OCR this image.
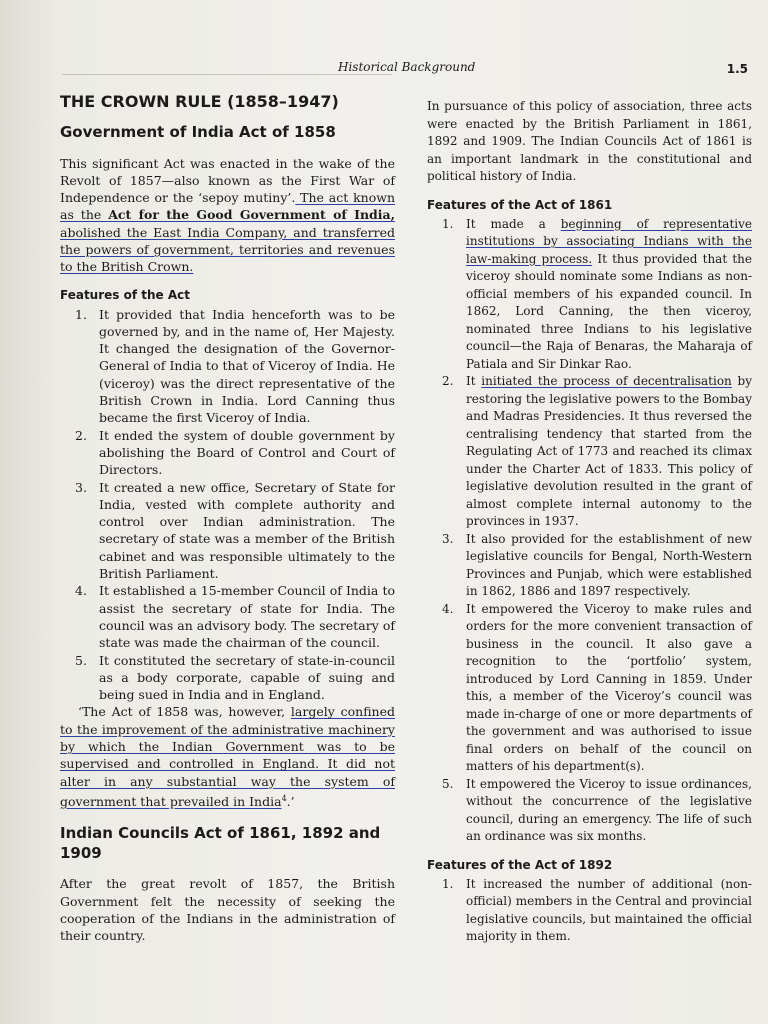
Historical Background	1.5
THE CROWN RULE (1858–1947)
Government of India Act of 1858

This significant Act was enacted in the wake of the Revolt of 1857—also known as the First War of Independence or the ‘sepoy mutiny’. The act known as the Act for the Good Government of India, abolished the East India Company, and transferred the powers of government, territories and revenues to the British Crown.

Features of the Act
1. It provided that India henceforth was to be governed by, and in the name of, Her Majesty. It changed the designation of the Governor-General of India to that of Viceroy of India. He (viceroy) was the direct representative of the British Crown in India. Lord Canning thus became the first Viceroy of India.
2. It ended the system of double government by abolishing the Board of Control and Court of Directors.
3. It created a new office, Secretary of State for India, vested with complete authority and control over Indian administration. The secretary of state was a member of the British cabinet and was responsible ultimately to the British Parliament.
4. It established a 15-member Council of India to assist the secretary of state for India. The council was an advisory body. The secretary of state was made the chairman of the council.
5. It constituted the secretary of state-in-council as a body corporate, capable of suing and being sued in India and in England.

‘The Act of 1858 was, however, largely confined to the improvement of the administrative machinery by which the Indian Government was to be supervised and controlled in England. It did not alter in any substantial way the system of government that prevailed in India$^4$.’

Indian Councils Act of 1861, 1892 and 1909

After the great revolt of 1857, the British Government felt the necessity of seeking the cooperation of the Indians in the administration of their country.

In pursuance of this policy of association, three acts were enacted by the British Parliament in 1861, 1892 and 1909. The Indian Councils Act of 1861 is an important landmark in the constitutional and political history of India.

Features of the Act of 1861
1. It made a beginning of representative institutions by associating Indians with the law-making process. It thus provided that the viceroy should nominate some Indians as non-official members of his expanded council. In 1862, Lord Canning, the then viceroy, nominated three Indians to his legislative council—the Raja of Benaras, the Maharaja of Patiala and Sir Dinkar Rao.
2. It initiated the process of decentralisation by restoring the legislative powers to the Bombay and Madras Presidencies. It thus reversed the centralising tendency that started from the Regulating Act of 1773 and reached its climax under the Charter Act of 1833. This policy of legislative devolution resulted in the grant of almost complete internal autonomy to the provinces in 1937.
3. It also provided for the establishment of new legislative councils for Bengal, North-Western Provinces and Punjab, which were established in 1862, 1886 and 1897 respectively.
4. It empowered the Viceroy to make rules and orders for the more convenient transaction of business in the council. It also gave a recognition to the ‘portfolio’ system, introduced by Lord Canning in 1859. Under this, a member of the Viceroy’s council was made in-charge of one or more departments of the government and was authorised to issue final orders on behalf of the council on matters of his department(s).
5. It empowered the Viceroy to issue ordinances, without the concurrence of the legislative council, during an emergency. The life of such an ordinance was six months.
Features of the Act of 1892
1. It increased the number of additional (non-official) members in the Central and provincial legislative councils, but maintained the official majority in them.
